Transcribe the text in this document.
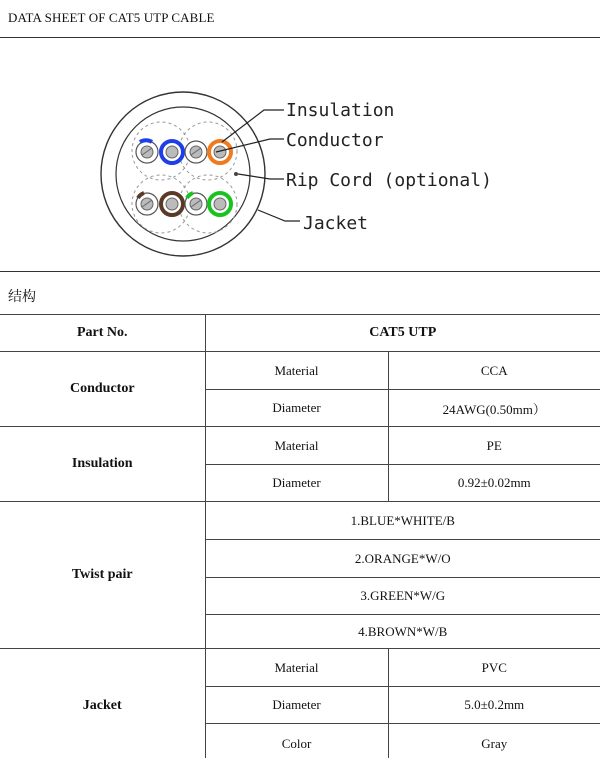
DATA SHEET OF CAT5 UTP CABLE
Insulation
Conductor
Rip Cord (optional)
Jacket
结构
Part No.	CAT5 UTP	
Conductor	Material	CCA
	Diameter	24AWG(0.50mm）
Insulation	Material	PE
	Diameter	0.92±0.02mm
Twist pair	1.BLUE*WHITE/B	
	2.ORANGE*W/O	
	3.GREEN*W/G	
	4.BROWN*W/B	
Jacket	Material	PVC
	Diameter	5.0±0.2mm
	Color	Gray
